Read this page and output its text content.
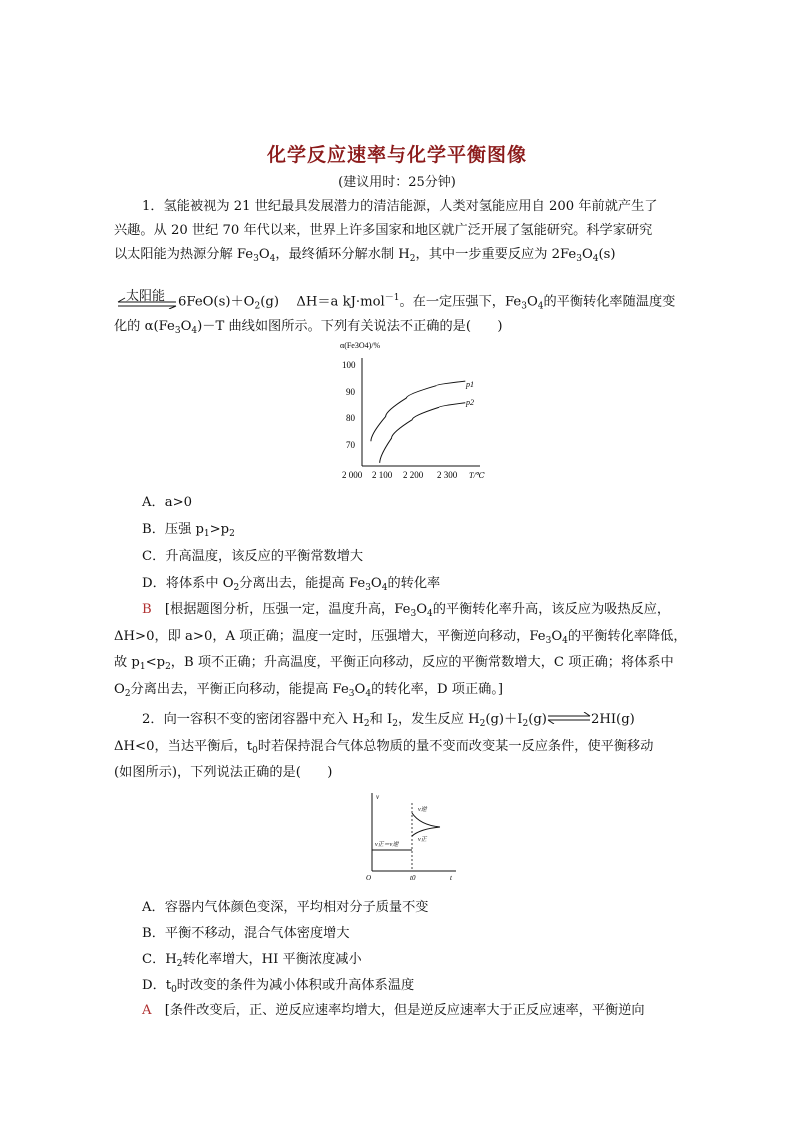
化学反应速率与化学平衡图像
(建议用时：25分钟)
1．氢能被视为 21 世纪最具发展潜力的清洁能源，人类对氢能应用自 200 年前就产生了
兴趣。从 20 世纪 70 年代以来，世界上许多国家和地区就广泛开展了氢能研究。科学家研究
以太阳能为热源分解 $Fe_3O_4$，最终循环分解水制 $H_2$，其中一步重要反应为 $2Fe_3O_4(s)$
太阳能 $6FeO(s)+O_2(g)$　 ΔH＝a kJ·mol$^{-1}$。在一定压强下，$Fe_3O_4$的平衡转化率随温度变
化的 $\alpha(Fe_3O_4)-T$ 曲线如图所示。下列有关说法不正确的是(　　)
α(Fe3O4)/%
100
90
80
70
2 000 2 100 2 200 2 300 T/℃
p1
p2
A．a>0
B．压强 $p_1>p_2$
C．升高温度，该反应的平衡常数增大
D．将体系中 $O_2$分离出去，能提高 $Fe_3O_4$的转化率
B　 [根据题图分析，压强一定，温度升高，$Fe_3O_4$的平衡转化率升高，该反应为吸热反应，
ΔH>0，即 a>0，A 项正确；温度一定时，压强增大，平衡逆向移动，$Fe_3O_4$的平衡转化率降低，
故 $p_1<p_2$，B 项不正确；升高温度，平衡正向移动，反应的平衡常数增大，C 项正确；将体系中
$O_2$分离出去，平衡正向移动，能提高 $Fe_3O_4$的转化率，D 项正确。]
2．向一容积不变的密闭容器中充入 $H_2$和 $I_2$，发生反应 $H_2(g)+I_2(g)\rightleftharpoons 2HI(g)$
ΔH<0，当达平衡后，$t_0$时若保持混合气体总物质的量不变而改变某一反应条件，使平衡移动
(如图所示)，下列说法正确的是(　　)
v
t
O	t0
v逆
v正
v正＝v逆
A．容器内气体颜色变深，平均相对分子质量不变
B．平衡不移动，混合气体密度增大
C．$H_2$转化率增大，HI 平衡浓度减小
D．$t_0$时改变的条件为减小体积或升高体系温度
A　 [条件改变后，正、逆反应速率均增大，但是逆反应速率大于正反应速率，平衡逆向
